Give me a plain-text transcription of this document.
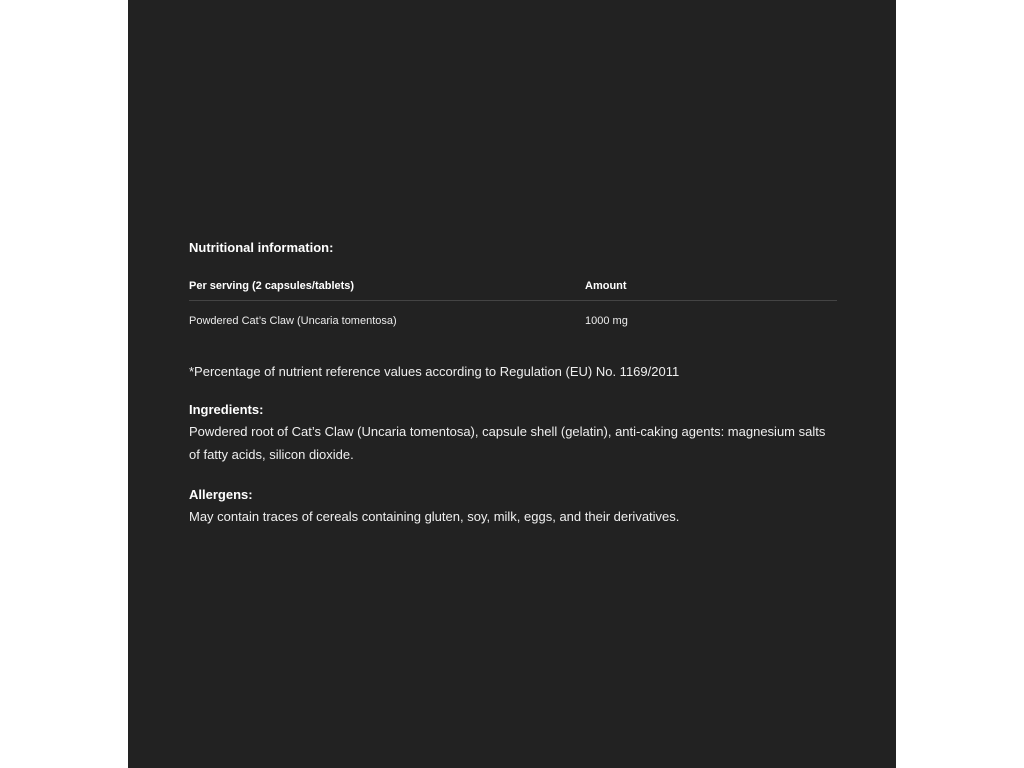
Nutritional information:
Per serving (2 capsules/tablets)	Amount
Powdered Cat’s Claw (Uncaria tomentosa)	1000 mg

*Percentage of nutrient reference values according to Regulation (EU) No. 1169/2011

Ingredients:

Powdered root of Cat’s Claw (Uncaria tomentosa), capsule shell (gelatin), anti-caking agents: magnesium salts of fatty acids, silicon dioxide.

Allergens:

May contain traces of cereals containing gluten, soy, milk, eggs, and their derivatives.
